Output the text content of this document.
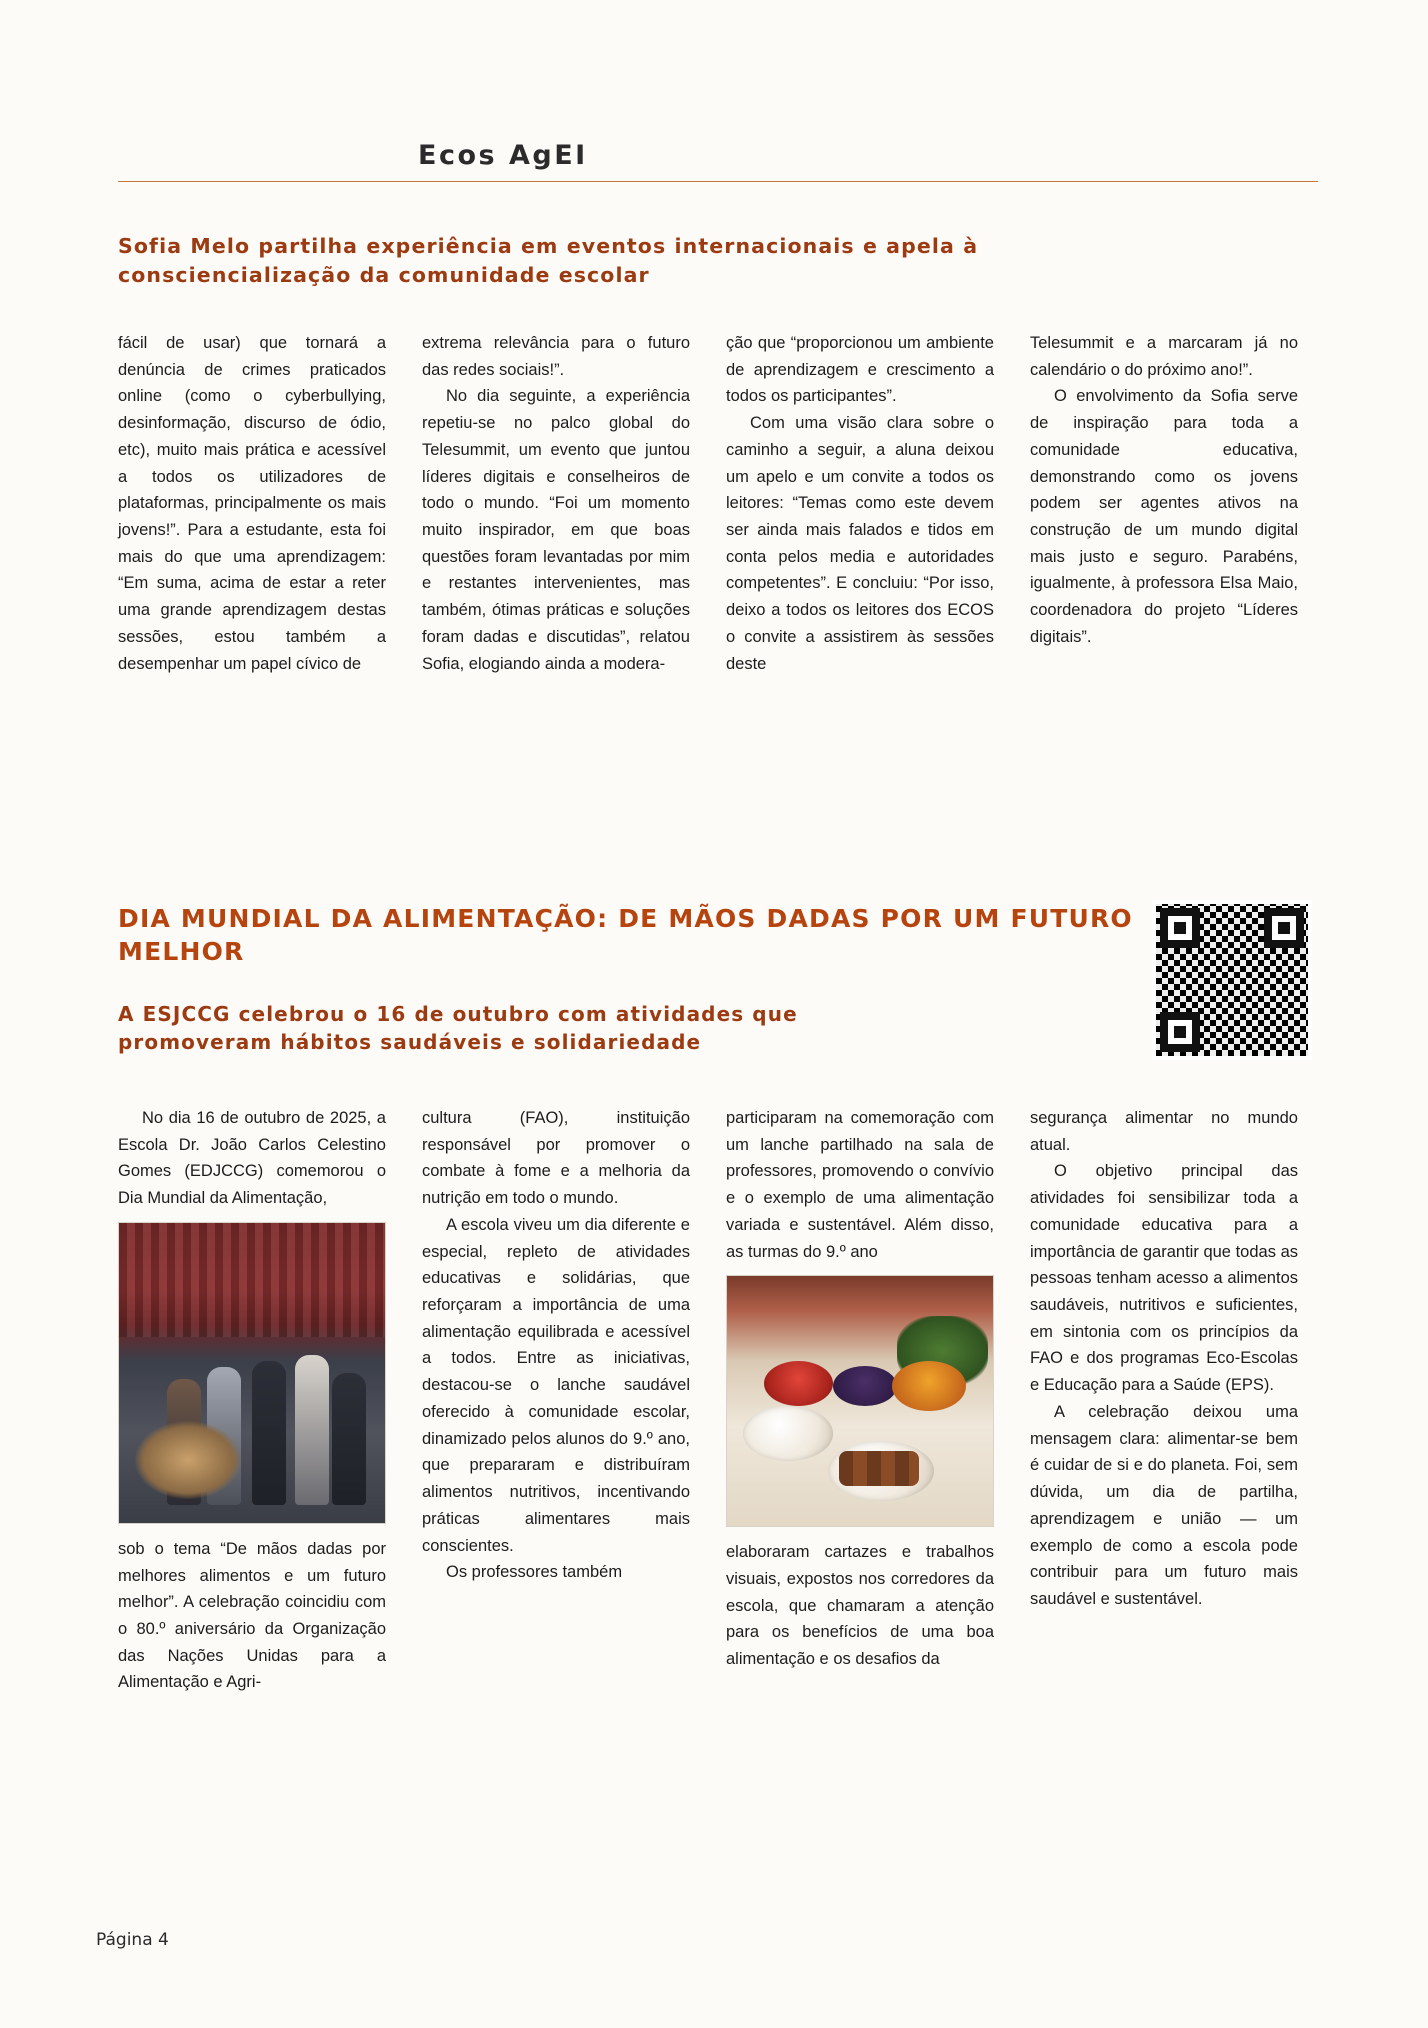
Ecos AgEI
Sofia Melo partilha experiência em eventos internacionais e apela à
consciencialização da comunidade escolar

fácil de usar) que tornará a denúncia de crimes praticados online (como o cyberbullying, desinformação, discurso de ódio, etc), muito mais prática e acessível a todos os utilizadores de plataformas, principalmente os mais jovens!”. Para a estudante, esta foi mais do que uma aprendizagem: “Em suma, acima de estar a reter uma grande aprendizagem destas sessões, estou também a desempenhar um papel cívico de

extrema relevância para o futuro das redes sociais!”.

No dia seguinte, a experiência repetiu-se no palco global do Telesummit, um evento que juntou líderes digitais e conselheiros de todo o mundo. “Foi um momento muito inspirador, em que boas questões foram levantadas por mim e restantes intervenientes, mas também, ótimas práticas e soluções foram dadas e discutidas”, relatou Sofia, elogiando ainda a modera-

ção que “proporcionou um ambiente de aprendizagem e crescimento a todos os participantes”.

Com uma visão clara sobre o caminho a seguir, a aluna deixou um apelo e um convite a todos os leitores: “Temas como este devem ser ainda mais falados e tidos em conta pelos media e autoridades competentes”. E concluiu: “Por isso, deixo a todos os leitores dos ECOS o convite a assistirem às sessões deste

Telesummit e a marcaram já no calendário o do próximo ano!”.

O envolvimento da Sofia serve de inspiração para toda a comunidade educativa, demonstrando como os jovens podem ser agentes ativos na construção de um mundo digital mais justo e seguro. Parabéns, igualmente, à professora Elsa Maio, coordenadora do projeto “Líderes digitais”.

DIA MUNDIAL DA ALIMENTAÇÃO: DE MÃOS DADAS POR UM FUTURO MELHOR
A ESJCCG celebrou o 16 de outubro com atividades que
promoveram hábitos saudáveis e solidariedade

No dia 16 de outubro de 2025, a Escola Dr. João Carlos Celestino Gomes (EDJCCG) comemorou o Dia Mundial da Alimentação,

sob o tema “De mãos dadas por melhores alimentos e um futuro melhor”. A celebração coincidiu com o 80.º aniversário da Organização das Nações Unidas para a Alimentação e Agri-

cultura (FAO), instituição responsável por promover o combate à fome e a melhoria da nutrição em todo o mundo.

A escola viveu um dia diferente e especial, repleto de atividades educativas e solidárias, que reforçaram a importância de uma alimentação equilibrada e acessível a todos. Entre as iniciativas, destacou-se o lanche saudável oferecido à comunidade escolar, dinamizado pelos alunos do 9.º ano, que prepararam e distribuíram alimentos nutritivos, incentivando práticas alimentares mais conscientes.

Os professores também

participaram na comemoração com um lanche partilhado na sala de professores, promovendo o convívio e o exemplo de uma alimentação variada e sustentável. Além disso, as turmas do 9.º ano

elaboraram cartazes e trabalhos visuais, expostos nos corredores da escola, que chamaram a atenção para os benefícios de uma boa alimentação e os desafios da

segurança alimentar no mundo atual.

O objetivo principal das atividades foi sensibilizar toda a comunidade educativa para a importância de garantir que todas as pessoas tenham acesso a alimentos saudáveis, nutritivos e suficientes, em sintonia com os princípios da FAO e dos programas Eco-Escolas e Educação para a Saúde (EPS).

A celebração deixou uma mensagem clara: alimentar-se bem é cuidar de si e do planeta. Foi, sem dúvida, um dia de partilha, aprendizagem e união — um exemplo de como a escola pode contribuir para um futuro mais saudável e sustentável.

Página 4
